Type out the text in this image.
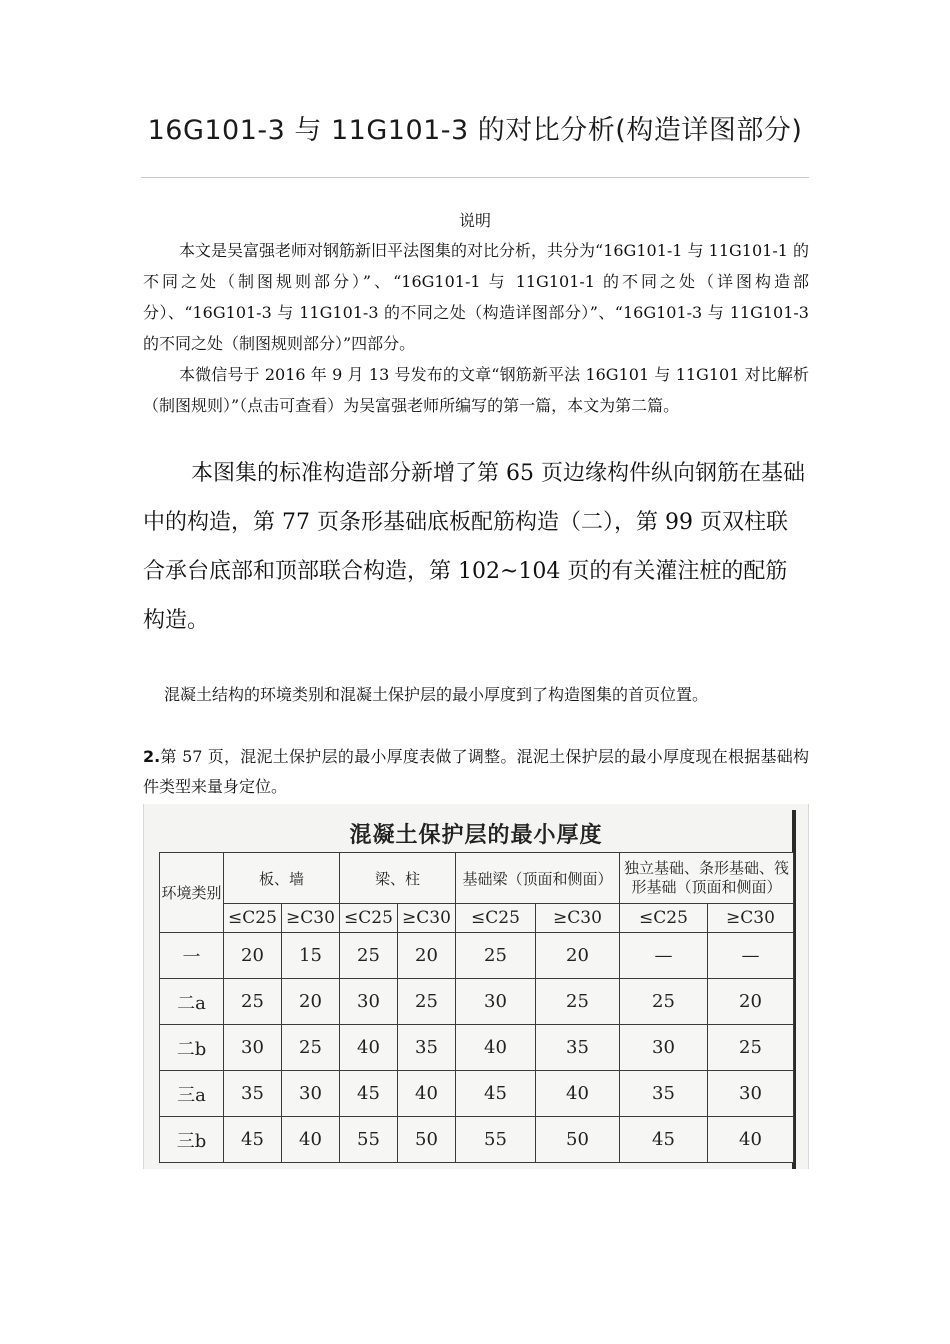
16G101-3 与 11G101-3 的对比分析(构造详图部分)
说明
本文是吴富强老师对钢筋新旧平法图集的对比分析，共分为“16G101-1 与 11G101-1 的不同之处（制图规则部分）”、“16G101-1 与 11G101-1 的不同之处（详图构造部分）、“16G101-3 与 11G101-3 的不同之处（构造详图部分）”、“16G101-3 与 11G101-3 的不同之处（制图规则部分）”四部分。
本微信号于 2016 年 9 月 13 号发布的文章“钢筋新平法 16G101 与 11G101 对比解析（制图规则）”（点击可查看）为吴富强老师所编写的第一篇，本文为第二篇。
本图集的标准构造部分新增了第 65 页边缘构件纵向钢筋在基础中的构造，第 77 页条形基础底板配筋构造（二），第 99 页双柱联合承台底部和顶部联合构造，第 102~104 页的有关灌注桩的配筋构造。
混凝土结构的环境类别和混凝土保护层的最小厚度到了构造图集的首页位置。
2.第 57 页，混泥土保护层的最小厚度表做了调整。混泥土保护层的最小厚度现在根据基础构件类型来量身定位。
混凝土保护层的最小厚度
环境类别	板、墙		梁、柱		基础梁（顶面和侧面）		独立基础、条形基础、筏形基础（顶面和侧面）	
	≤C25	≥C30	≤C25	≥C30	≤C25	≥C30	≤C25	≥C30
一	20	15	25	20	25	20	—	—
二a	25	20	30	25	30	25	25	20
二b	30	25	40	35	40	35	30	25
三a	35	30	45	40	45	40	35	30
三b	45	40	55	50	55	50	45	40
